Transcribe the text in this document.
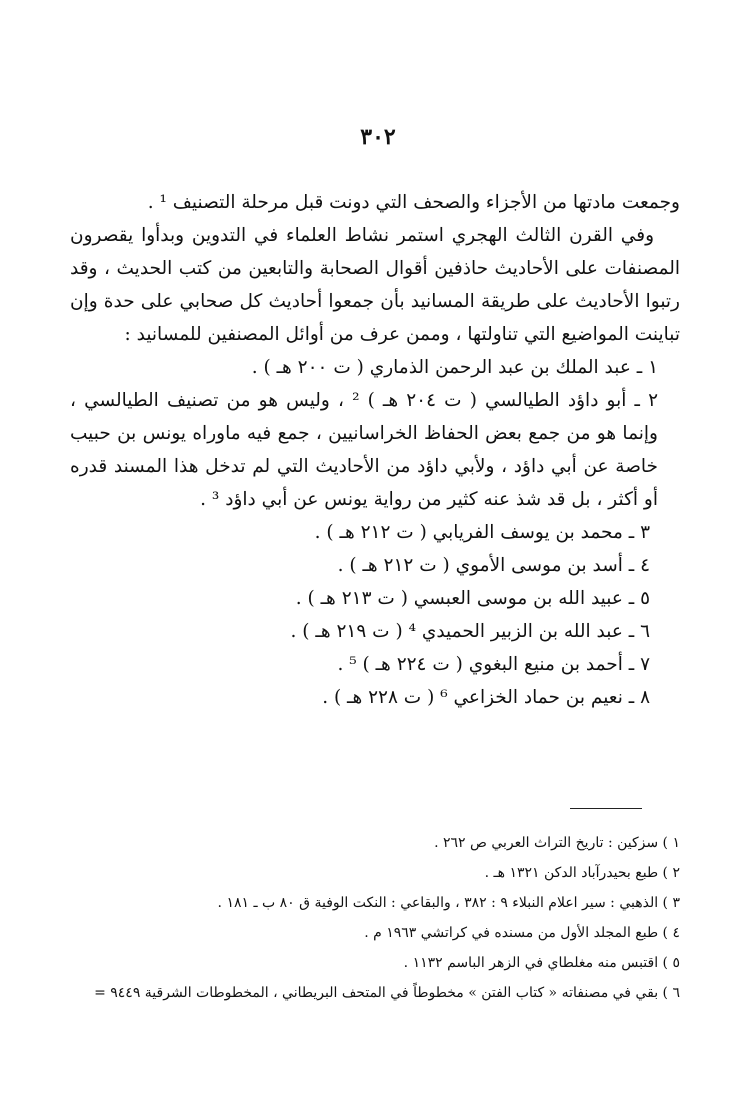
٣٠٢

وجمعت مادتها من الأجزاء والصحف التي دونت قبل مرحلة التصنيف ¹ .

وفي القرن الثالث الهجري استمر نشاط العلماء في التدوين وبدأوا يقصرون المصنفات على الأحاديث حاذفين أقوال الصحابة والتابعين من كتب الحديث ، وقد رتبوا الأحاديث على طريقة المسانيد بأن جمعوا أحاديث كل صحابي على حدة وإن تباينت المواضيع التي تناولتها ، وممن عرف من أوائل المصنفين للمسانيد :

١ ـ عبد الملك بن عبد الرحمن الذماري ( ت ٢٠٠ هـ ) .
٢ ـ أبو داؤد الطيالسي ( ت ٢٠٤ هـ ) ² ، وليس هو من تصنيف الطيالسي ، وإنما هو من جمع بعض الحفاظ الخراسانيين ، جمع فيه ماوراه يونس بن حبيب خاصة عن أبي داؤد ، ولأبي داؤد من الأحاديث التي لم تدخل هذا المسند قدره أو أكثر ، بل قد شذ عنه كثير من رواية يونس عن أبي داؤد ³ .
٣ ـ محمد بن يوسف الفريابي ( ت ٢١٢ هـ ) .
٤ ـ أسد بن موسى الأموي ( ت ٢١٢ هـ ) .
٥ ـ عبيد الله بن موسى العبسي ( ت ٢١٣ هـ ) .
٦ ـ عبد الله بن الزبير الحميدي ⁴ ( ت ٢١٩ هـ ) .
٧ ـ أحمد بن منيع البغوي ( ت ٢٢٤ هـ ) ⁵ .
٨ ـ نعيم بن حماد الخزاعي ⁶ ( ت ٢٢٨ هـ ) .
١ ) سزكين : تاريخ التراث العربي ص ٢٦٢ .
٢ ) طبع بحيدرآباد الدكن ١٣٢١ هـ .
٣ ) الذهبي : سير اعلام النبلاء ٩ : ٣٨٢ ، والبقاعي : النكت الوفية ق ٨٠ ب ـ ١٨١ .
٤ ) طبع المجلد الأول من مسنده في كراتشي ١٩٦٣ م .
٥ ) اقتبس منه مغلطاي في الزهر الباسم ١١٣٢ .
٦ ) بقي في مصنفاته « كتاب الفتن » مخطوطاً في المتحف البريطاني ، المخطوطات الشرقية ٩٤٤٩ =
